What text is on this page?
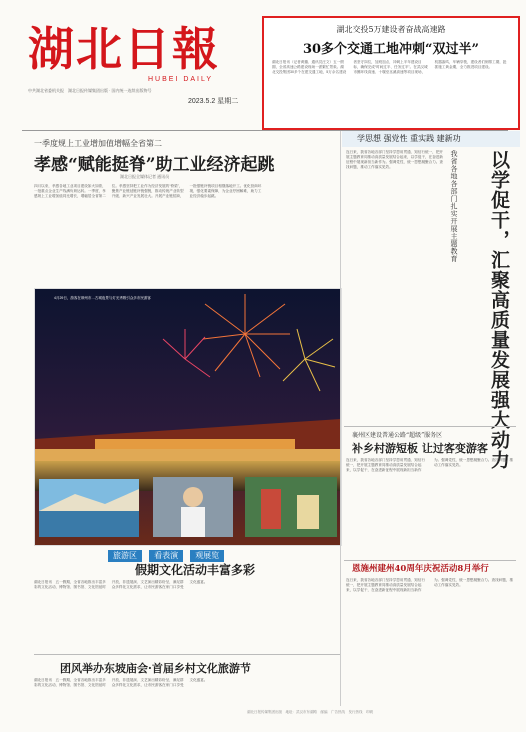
湖北日報
HUBEI DAILY
中共湖北省委机关报　湖北日报传媒集团出版 · 国内统一连续出版物号
2023.5.2 星期二
湖北交投5万建设者奋战高速路
30多个交通工地冲刺“双过半”
湖北日报讯（记者黄璐、通讯员汪文）五一假期，全省高速公路建设现场一派繁忙景象。湖北交投集团30多个在建交通工地，5万余名建设者坚守岗位，加班加点，冲刺上半年建设目标，确保完成“时间过半、任务过半”。在武汉城市圈环线高速、十堰至巫溪高速等项目现场，机器轰鸣，车辆穿梭，建设者们倒排工期，抢抓施工黄金期，全力推进项目建设。
一季度规上工业增加值增幅全省第二
孝感“赋能挺脊”助工业经济起跳
湖北日报全媒体记者 通讯员
四月以来，孝感各地工业项目建设如火如荼，一批重点企业生产线满负荷运转。一季度，孝感规上工业增加值同比增长，增幅居全省第二位。孝感坚持把工业作为经济发展的“脊梁”，聚焦产业链延链补链强链，推动传统产业转型升级、新兴产业发展壮大。开展产业链招商，一批强链补链项目相继落地开工。优化营商环境，强化要素保障，为企业纾困解难，助力工业经济稳步起跳。
4月29日，游客在荆州市…古城夜景与灯光秀吸引众多市民游客
旅游区 看表演 观展览
假期文化活动丰富多彩
湖北日报讯　五一假期，全省各地推出丰富多彩的文化活动，博物馆、图书馆、文化馆延时开放，非遗展演、文艺演出精彩纷呈，满足群众多样化文化需求，让市民游客在家门口享受文化盛宴。
团风举办东坡庙会·首届乡村文化旅游节
湖北日报讯　五一假期，全省各地推出丰富多彩的文化活动，博物馆、图书馆、文化馆延时开放，非遗展演、文艺演出精彩纷呈，满足群众多样化文化需求，让市民游客在家门口享受文化盛宴。
学思想 强党性 重实践 建新功
我省各地各部门扎实开展主题教育	以学促干，汇聚高质量发展强大动力
连日来，我省各地各部门坚持学思用贯通、知信行统一，把开展主题教育同推动高质量发展结合起来，以学促干，在奋进新征程中展现新担当新作为。强调党性，统一思想凝聚合力。查找问题，推动工作落实见效。
襄州区建设普通公路“超级”服务区
补乡村游短板 让过客变游客
连日来，我省各地各部门坚持学思用贯通、知信行统一，把开展主题教育同推动高质量发展结合起来，以学促干，在奋进新征程中展现新担当新作为。强调党性，统一思想凝聚合力。查找问题，推动工作落实见效。
恩施州建州40周年庆祝活动8月举行
连日来，我省各地各部门坚持学思用贯通、知信行统一，把开展主题教育同推动高质量发展结合起来，以学促干，在奋进新征程中展现新担当新作为。强调党性，统一思想凝聚合力。查找问题，推动工作落实见效。
湖北日报传媒集团出版　地址：武汉市东湖路　邮编　广告热线　发行热线　印刷
